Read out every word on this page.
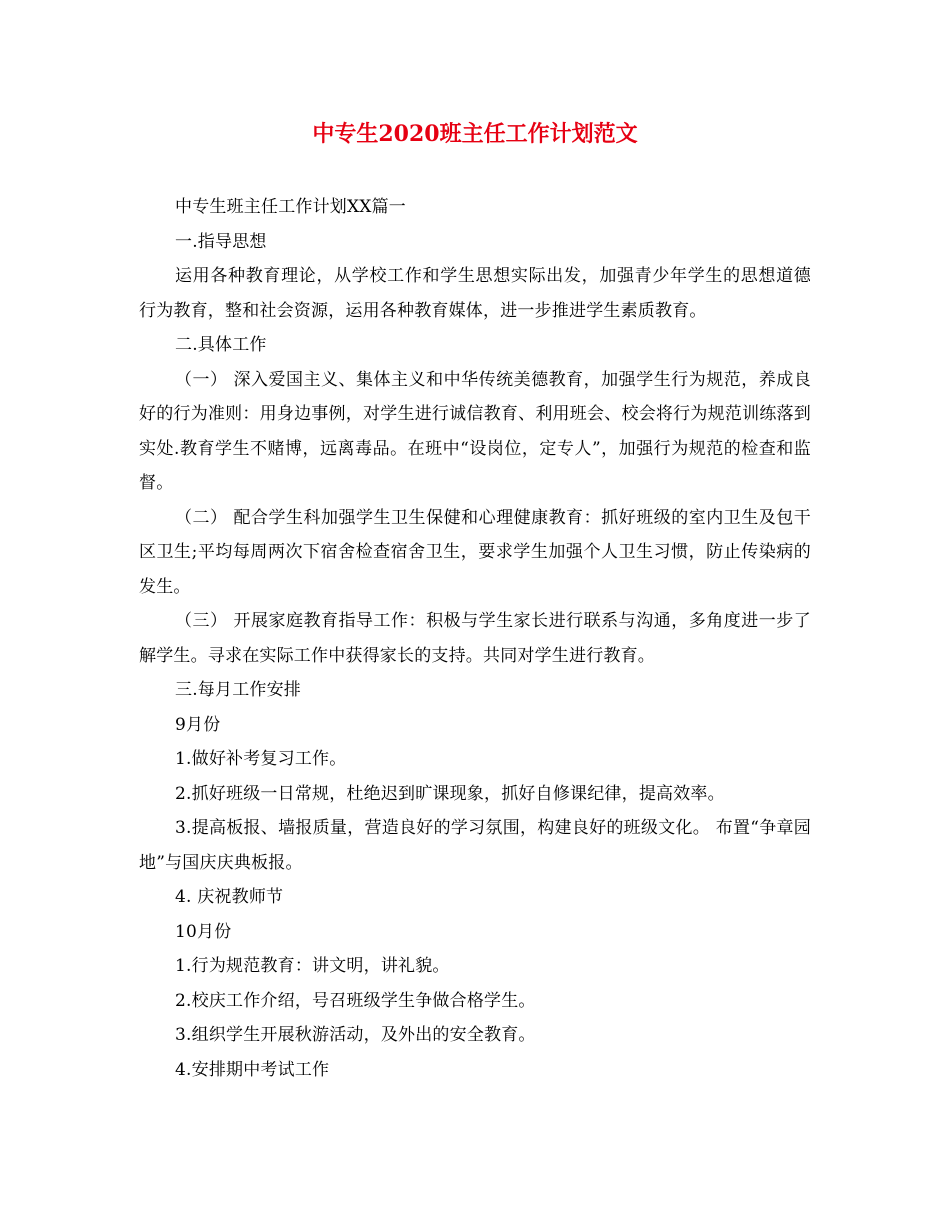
中专生2020班主任工作计划范文

中专生班主任工作计划XX篇一

一.指导思想

运用各种教育理论，从学校工作和学生思想实际出发，加强青少年学生的思想道德行为教育，整和社会资源，运用各种教育媒体，进一步推进学生素质教育。

二.具体工作

（一） 深入爱国主义、集体主义和中华传统美德教育，加强学生行为规范，养成良好的行为准则：用身边事例，对学生进行诚信教育、利用班会、校会将行为规范训练落到实处.教育学生不赌博，远离毒品。在班中“设岗位，定专人”，加强行为规范的检查和监督。

（二） 配合学生科加强学生卫生保健和心理健康教育：抓好班级的室内卫生及包干区卫生;平均每周两次下宿舍检查宿舍卫生，要求学生加强个人卫生习惯，防止传染病的发生。

（三） 开展家庭教育指导工作：积极与学生家长进行联系与沟通，多角度进一步了解学生。寻求在实际工作中获得家长的支持。共同对学生进行教育。

三.每月工作安排

9月份

1.做好补考复习工作。

2.抓好班级一日常规，杜绝迟到旷课现象，抓好自修课纪律，提高效率。

3.提高板报、墙报质量，营造良好的学习氛围，构建良好的班级文化。 布置“争章园地”与国庆庆典板报。

4. 庆祝教师节

10月份

1.行为规范教育：讲文明，讲礼貌。

2.校庆工作介绍，号召班级学生争做合格学生。

3.组织学生开展秋游活动，及外出的安全教育。

4.安排期中考试工作
